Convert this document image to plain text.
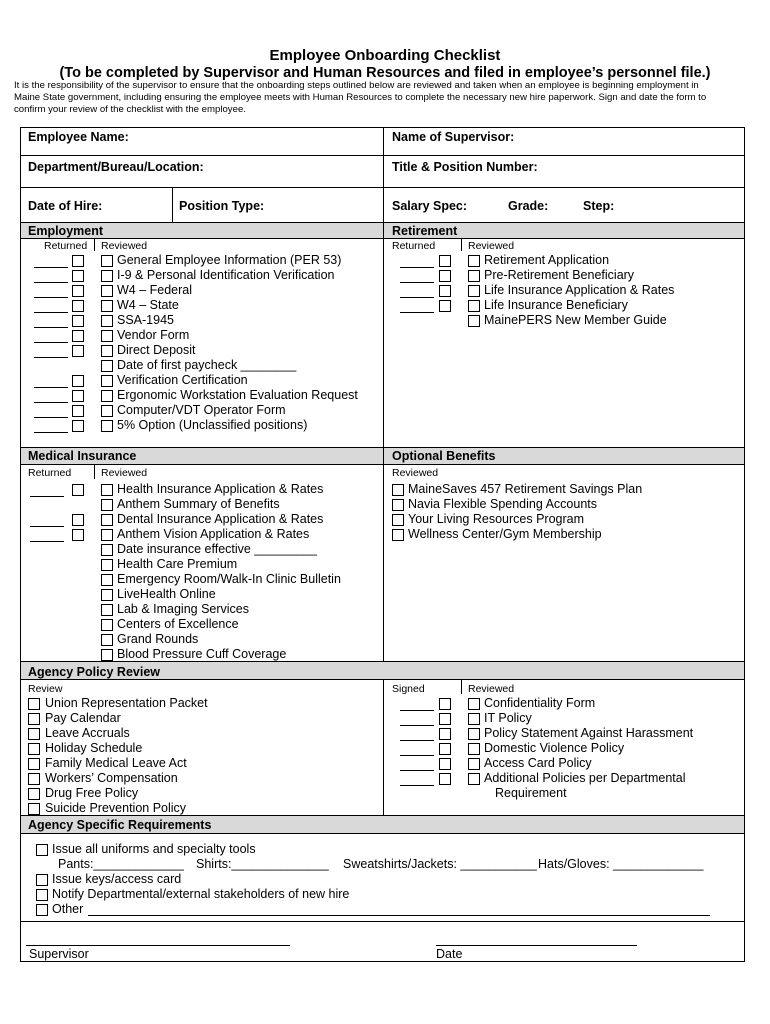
Employee Onboarding Checklist
(To be completed by Supervisor and Human Resources and filed in employee’s personnel file.)
It is the responsibility of the supervisor to ensure that the onboarding steps outlined below are reviewed and taken when an employee is beginning employment in
Maine State government, including ensuring the employee meets with Human Resources to complete the necessary new hire paperwork. Sign and date the form to
confirm your review of the checklist with the employee.
Employee Name:	Name of Supervisor:
Department/Bureau/Location:	Title & Position Number:
Date of Hire:	Position Type:	Salary Spec:	Grade:	Step:
Employment	Retirement
Medical Insurance	Optional Benefits
Agency Policy Review
Agency Specific Requirements
Returned Reviewed	Returned	Reviewed
Returned	Reviewed	Reviewed
Review	Signed	Reviewed
General Employee Information (PER 53)
I-9 & Personal Identification Verification
W4 – Federal
W4 – State
SSA-1945
Vendor Form
Direct Deposit
Date of first paycheck ________
Verification Certification
Ergonomic Workstation Evaluation Request
Computer/VDT Operator Form
5% Option (Unclassified positions)
Retirement Application
Pre-Retirement Beneficiary
Life Insurance Application & Rates
Life Insurance Beneficiary
MainePERS New Member Guide
Health Insurance Application & Rates
Anthem Summary of Benefits
Dental Insurance Application & Rates
Anthem Vision Application & Rates
Date insurance effective _________
Health Care Premium
Emergency Room/Walk-In Clinic Bulletin
LiveHealth Online
Lab & Imaging Services
Centers of Excellence
Grand Rounds
Blood Pressure Cuff Coverage
MaineSaves 457 Retirement Savings Plan
Navia Flexible Spending Accounts
Your Living Resources Program
Wellness Center/Gym Membership
Union Representation Packet
Pay Calendar
Leave Accruals
Holiday Schedule
Family Medical Leave Act
Workers’ Compensation
Drug Free Policy
Suicide Prevention Policy
Confidentiality Form
IT Policy
Policy Statement Against Harassment
Domestic Violence Policy
Access Card Policy
Additional Policies per Departmental
Requirement
Issue all uniforms and specialty tools
Pants:_____________ Shirts:______________ Sweatshirts/Jackets: ___________ Hats/Gloves: _____________
Issue keys/access card
Notify Departmental/external stakeholders of new hire
Other
Supervisor	Date
